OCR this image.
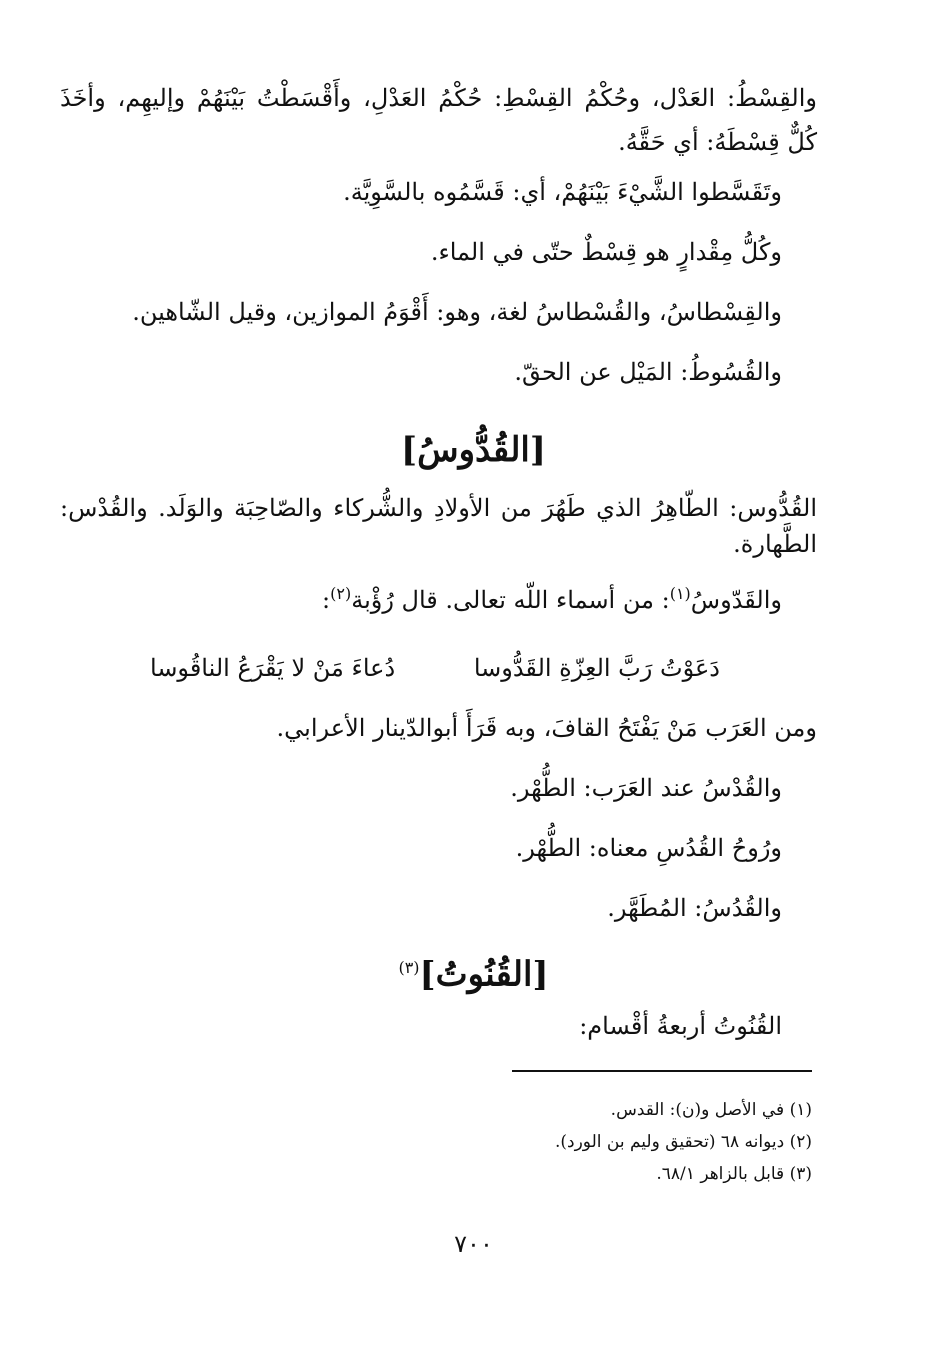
والقِسْطُ: العَدْل، وحُكْمُ القِسْطِ: حُكْمُ العَدْلِ، وأَقْسَطْتُ بَيْنَهُمْ وإليهِم، وأخَذَ
كُلٌّ قِسْطَهُ: أي حَقَّهُ.
وتَقَسَّطوا الشَّيْءَ بَيْنَهُمْ، أي: قَسَّمُوه بالسَّوِيَّة.
وكُلُّ مِقْدارٍ هو قِسْطٌ حتّى في الماء.
والقِسْطاسُ، والقُسْطاسُ لغة، وهو: أَقْوَمُ الموازين، وقيل الشّاهين.
والقُسُوطُ: المَيْل عن الحقّ.
[القُدُّوسُ]
القُدُّوس: الطّاهِرُ الذي طَهُرَ من الأولادِ والشُّركاء والصّاحِبَة والوَلَد. والقُدْس:
الطَّهارة.
والقَدّوسُ$^{(١)}$: من أسماء اللّه تعالى. قال رُؤْبة$^{(٢)}$:
دَعَوْتُ رَبَّ العِزّةِ القَدُّوسا
دُعاءَ مَنْ لا يَقْرَعُ الناقُوسا
ومن العَرَب مَنْ يَفْتَحُ القافَ، وبه قَرَأَ أبوالدّينار الأعرابي.
والقُدْسُ عند العَرَب: الطُّهْر.
ورُوحُ القُدُسِ معناه: الطُّهْر.
والقُدُسُ: المُطَهَّر.
[القُنُوتُ]$^{(٣)}$
القُنُوتُ أربعةُ أقْسام:
(١) في الأصل و(ن): القدس.
(٢) ديوانه ٦٨ (تحقيق وليم بن الورد).
(٣) قابل بالزاهر ٦٨/١.
٧٠٠
